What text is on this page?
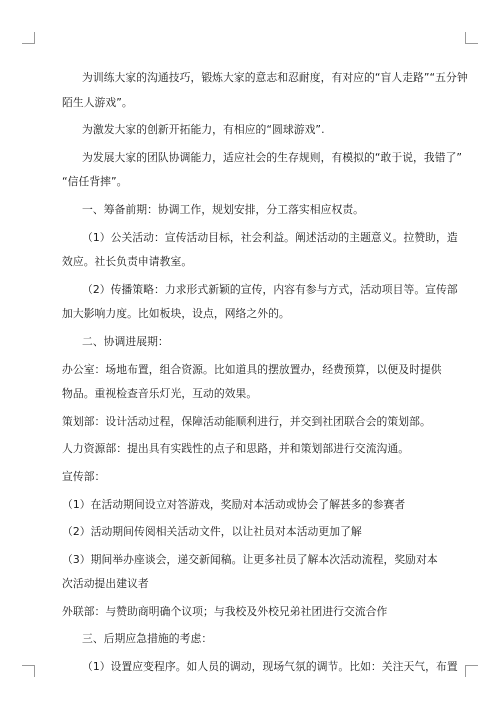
为训练大家的沟通技巧，锻炼大家的意志和忍耐度，有对应的“盲人走路”“五分钟

陌生人游戏”。

为激发大家的创新开拓能力，有相应的“圆球游戏”.

为发展大家的团队协调能力，适应社会的生存规则，有模拟的“敢于说，我错了”

“信任背摔”。

一、筹备前期：协调工作，规划安排，分工落实相应权责。

（1）公关活动：宣传活动目标，社会利益。阐述活动的主题意义。拉赞助，造

效应。社长负责申请教室。

（2）传播策略：力求形式新颖的宣传，内容有参与方式，活动项目等。宣传部

加大影响力度。比如板块，设点，网络之外的。

二、协调进展期：

办公室：场地布置，组合资源。比如道具的摆放置办，经费预算，以便及时提供

物品。重视检查音乐灯光，互动的效果。

策划部：设计活动过程，保障活动能顺利进行，并交到社团联合会的策划部。

人力资源部：提出具有实践性的点子和思路，并和策划部进行交流沟通。

宣传部：

（1）在活动期间设立对答游戏，奖励对本活动或协会了解甚多的参赛者

（2）活动期间传阅相关活动文件，以让社员对本活动更加了解

（3）期间举办座谈会，递交新闻稿。让更多社员了解本次活动流程，奖励对本

次活动提出建议者

外联部：与赞助商明确个议项；与我校及外校兄弟社团进行交流合作

三、后期应急措施的考虑：

（1）设置应变程序。如人员的调动，现场气氛的调节。比如：关注天气，布置
